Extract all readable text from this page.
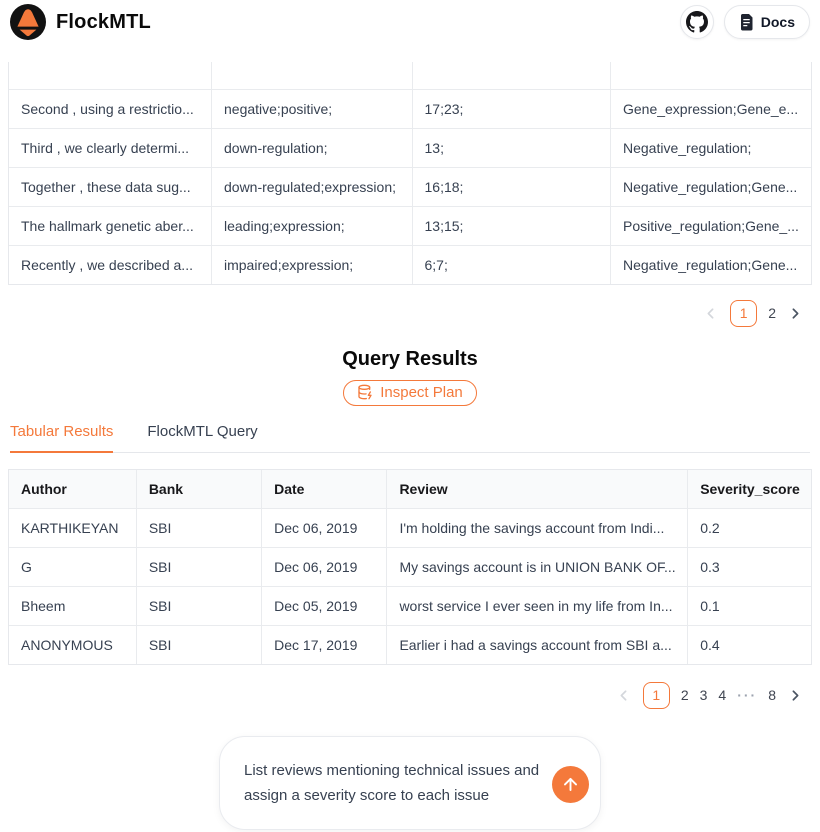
FlockMTL	Docs

Second , using a restrictio...	negative;positive;	17;23;	Gene_expression;Gene_e...
Third , we clearly determi...	down-regulation;	13;	Negative_regulation;
Together , these data sug...	down-regulated;expression;	16;18;	Negative_regulation;Gene...
The hallmark genetic aber...	leading;expression;	13;15;	Positive_regulation;Gene_...
Recently , we described a...	impaired;expression;	6;7;	Negative_regulation;Gene...
1	2
Query Results
Inspect Plan
Tabular Results FlockMTL Query
Author	Bank	Date	Review	Severity_score
KARTHIKEYAN	SBI	Dec 06, 2019	I'm holding the savings account from Indi...	0.2
G	SBI	Dec 06, 2019	My savings account is in UNION BANK OF...	0.3
Bheem	SBI	Dec 05, 2019	worst service I ever seen in my life from In...	0.1
ANONYMOUS	SBI	Dec 17, 2019	Earlier i had a savings account from SBI a...	0.4
1	2 3 4 ··· 8
List reviews mentioning technical issues and assign a severity score to each issue
